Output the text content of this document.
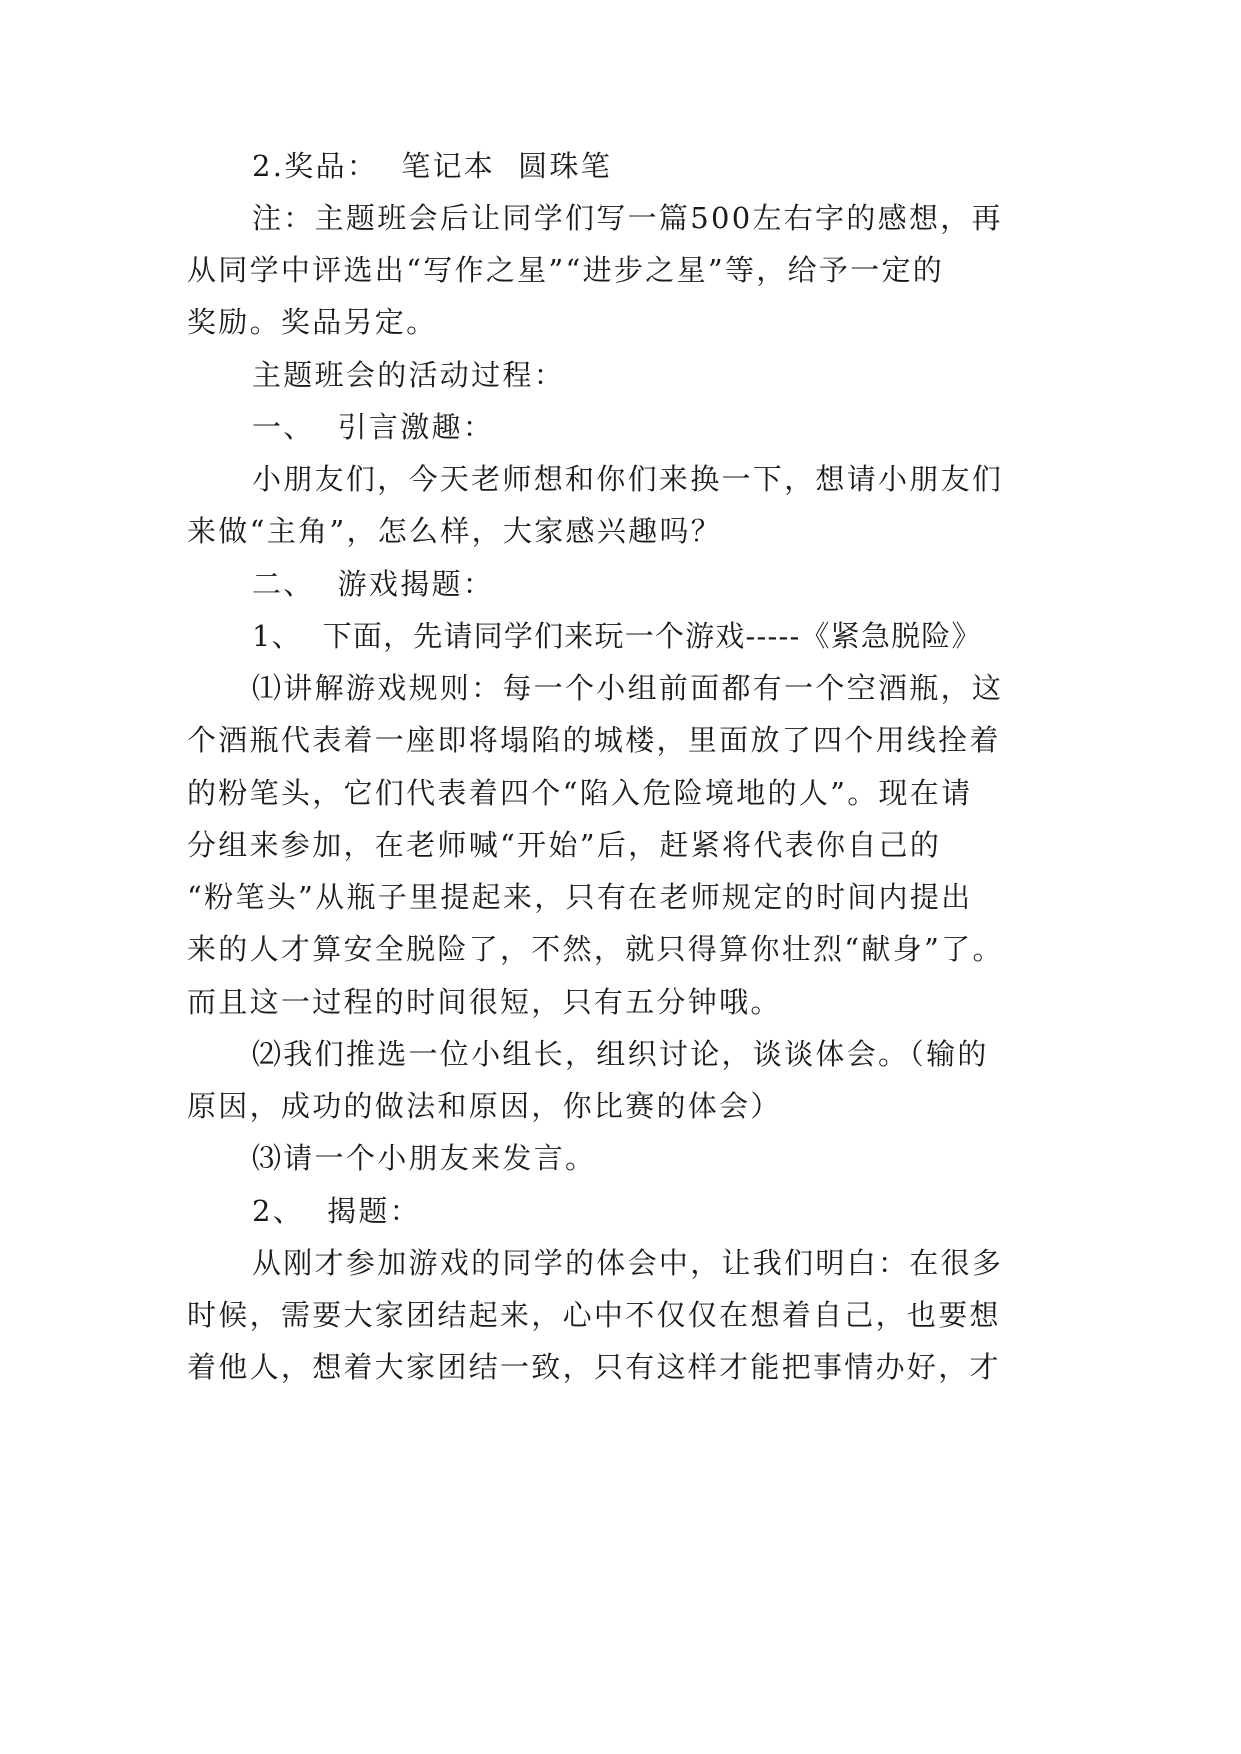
2.奖品：  笔记本  圆珠笔
注：主题班会后让同学们写一篇500左右字的感想，再
从同学中评选出“写作之星”“进步之星”等，给予一定的
奖励。奖品另定。
主题班会的活动过程：
一、  引言激趣：
小朋友们，今天老师想和你们来换一下，想请小朋友们
来做“主角”，怎么样，大家感兴趣吗？
二、  游戏揭题：
1、  下面，先请同学们来玩一个游戏-----《紧急脱险》
⑴讲解游戏规则：每一个小组前面都有一个空酒瓶，这
个酒瓶代表着一座即将塌陷的城楼，里面放了四个用线拴着
的粉笔头，它们代表着四个“陷入危险境地的人”。现在请
分组来参加，在老师喊“开始”后，赶紧将代表你自己的
“粉笔头”从瓶子里提起来，只有在老师规定的时间内提出
来的人才算安全脱险了，不然，就只得算你壮烈“献身”了。
而且这一过程的时间很短，只有五分钟哦。
⑵我们推选一位小组长，组织讨论，谈谈体会。（输的
原因，成功的做法和原因，你比赛的体会）
⑶请一个小朋友来发言。
2、  揭题：
从刚才参加游戏的同学的体会中，让我们明白：在很多
时候，需要大家团结起来，心中不仅仅在想着自己，也要想
着他人，想着大家团结一致，只有这样才能把事情办好，才
